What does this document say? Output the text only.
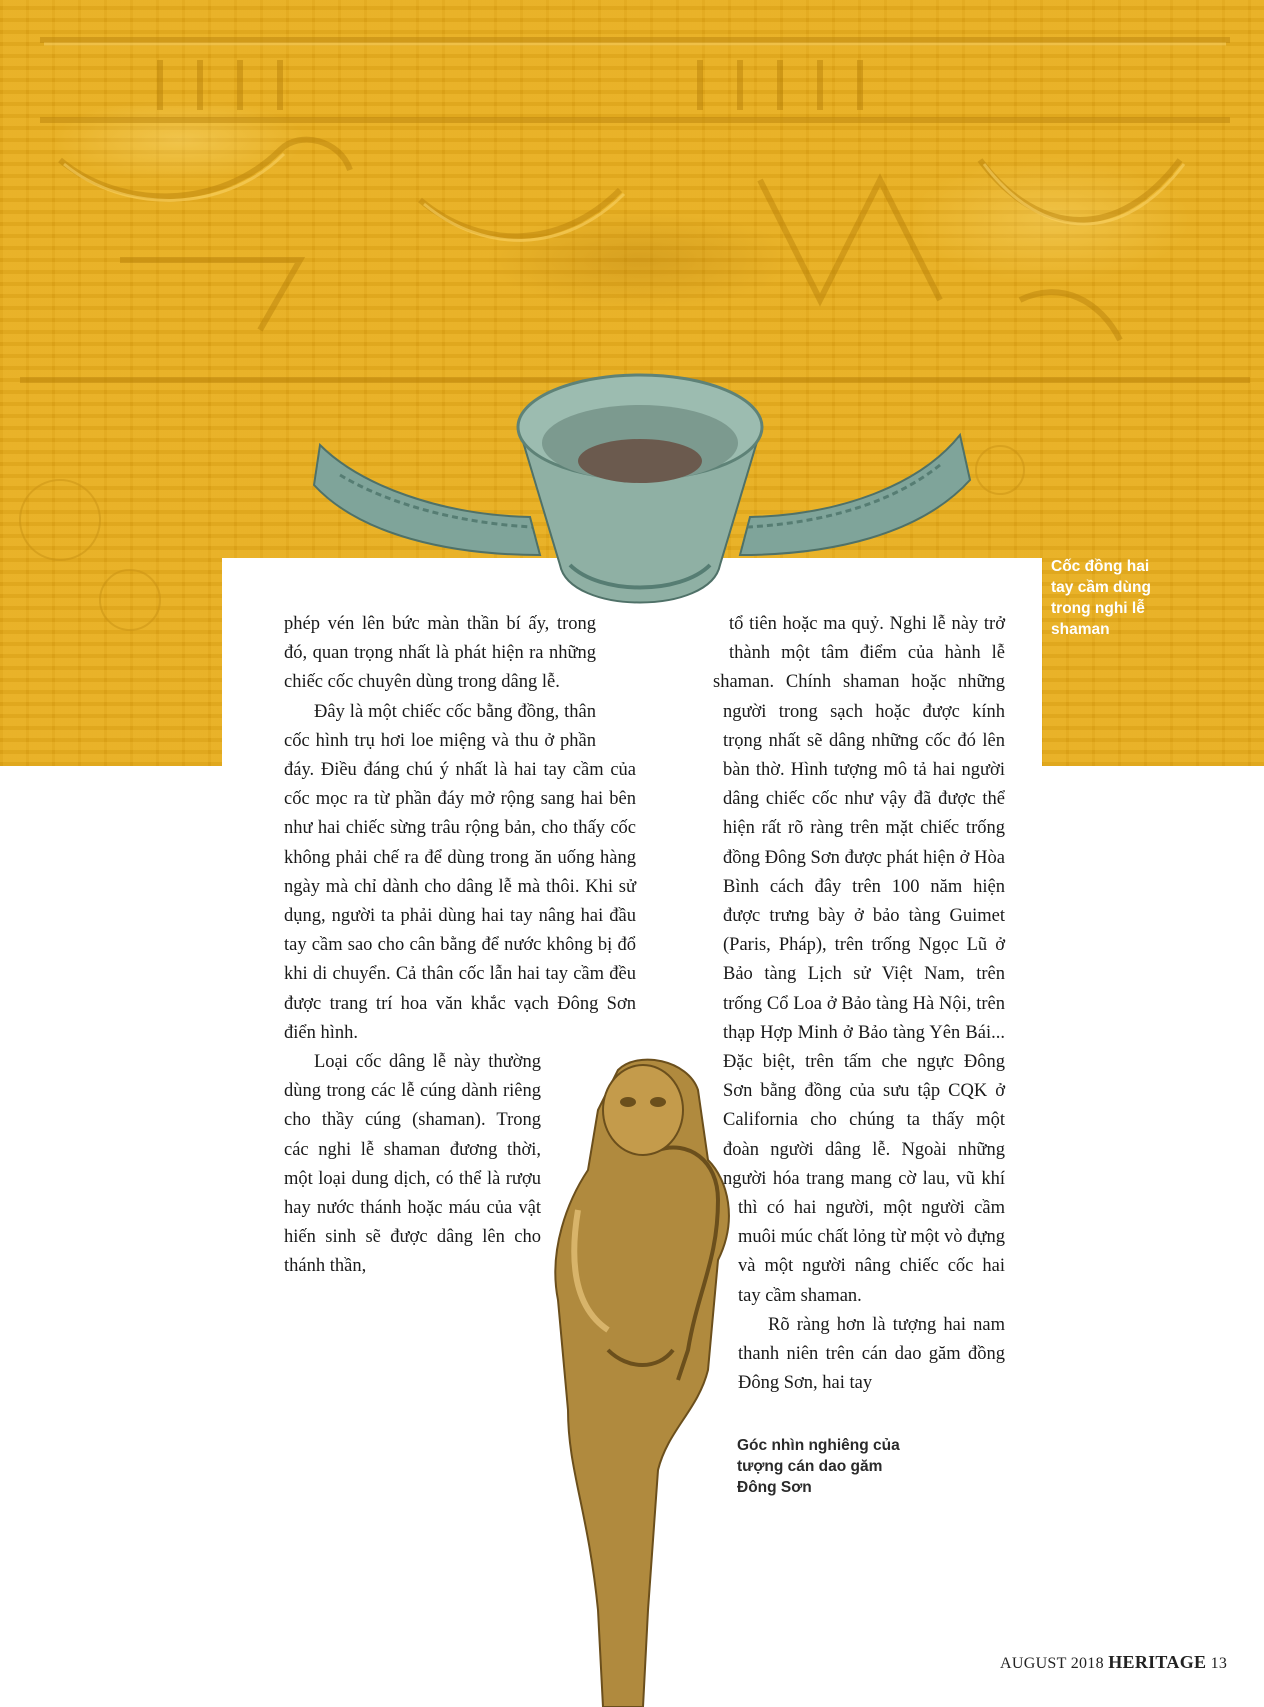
Cốc đồng hai tay cầm dùng trong nghi lễ shaman

Góc nhìn nghiêng của tượng cán dao găm Đông Sơn

phép vén lên bức màn thần bí ấy, trong đó, quan trọng nhất là phát hiện ra những chiếc cốc chuyên dùng trong dâng lễ.

Đây là một chiếc cốc bằng đồng, thân cốc hình trụ hơi loe miệng và thu ở phần đáy. Điều đáng chú ý nhất là hai tay cầm của cốc mọc ra từ phần đáy mở rộng sang hai bên như hai chiếc sừng trâu rộng bản, cho thấy cốc không phải chế ra để dùng trong ăn uống hàng ngày mà chỉ dành cho dâng lễ mà thôi. Khi sử dụng, người ta phải dùng hai tay nâng hai đầu tay cầm sao cho cân bằng để nước không bị đổ khi di chuyển. Cả thân cốc lẫn hai tay cầm đều được trang trí hoa văn khắc vạch Đông Sơn điển hình.

Loại cốc dâng lễ này thường dùng trong các lễ cúng dành riêng cho thầy cúng (shaman). Trong các nghi lễ shaman đương thời, một loại dung dịch, có thể là rượu hay nước thánh hoặc máu của vật hiến sinh sẽ được dâng lên cho thánh thần,

tổ tiên hoặc ma quỷ. Nghi lễ này trở thành một tâm điểm của hành lễ shaman. Chính shaman hoặc những người trong sạch hoặc được kính trọng nhất sẽ dâng những cốc đó lên bàn thờ. Hình tượng mô tả hai người dâng chiếc cốc như vậy đã được thể hiện rất rõ ràng trên mặt chiếc trống đồng Đông Sơn được phát hiện ở Hòa Bình cách đây trên 100 năm hiện được trưng bày ở bảo tàng Guimet (Paris, Pháp), trên trống Ngọc Lũ ở Bảo tàng Lịch sử Việt Nam, trên trống Cổ Loa ở Bảo tàng Hà Nội, trên thạp Hợp Minh ở Bảo tàng Yên Bái... Đặc biệt, trên tấm che ngực Đông Sơn bằng đồng của sưu tập CQK ở California cho chúng ta thấy một đoàn người dâng lễ. Ngoài những người hóa trang mang cờ lau, vũ khí thì có hai người, một người cầm muôi múc chất lỏng từ một vò đựng và một người nâng chiếc cốc hai tay cầm shaman.

Rõ ràng hơn là tượng hai nam thanh niên trên cán dao găm đồng Đông Sơn, hai tay

AUGUST 2018 HERITAGE 13
